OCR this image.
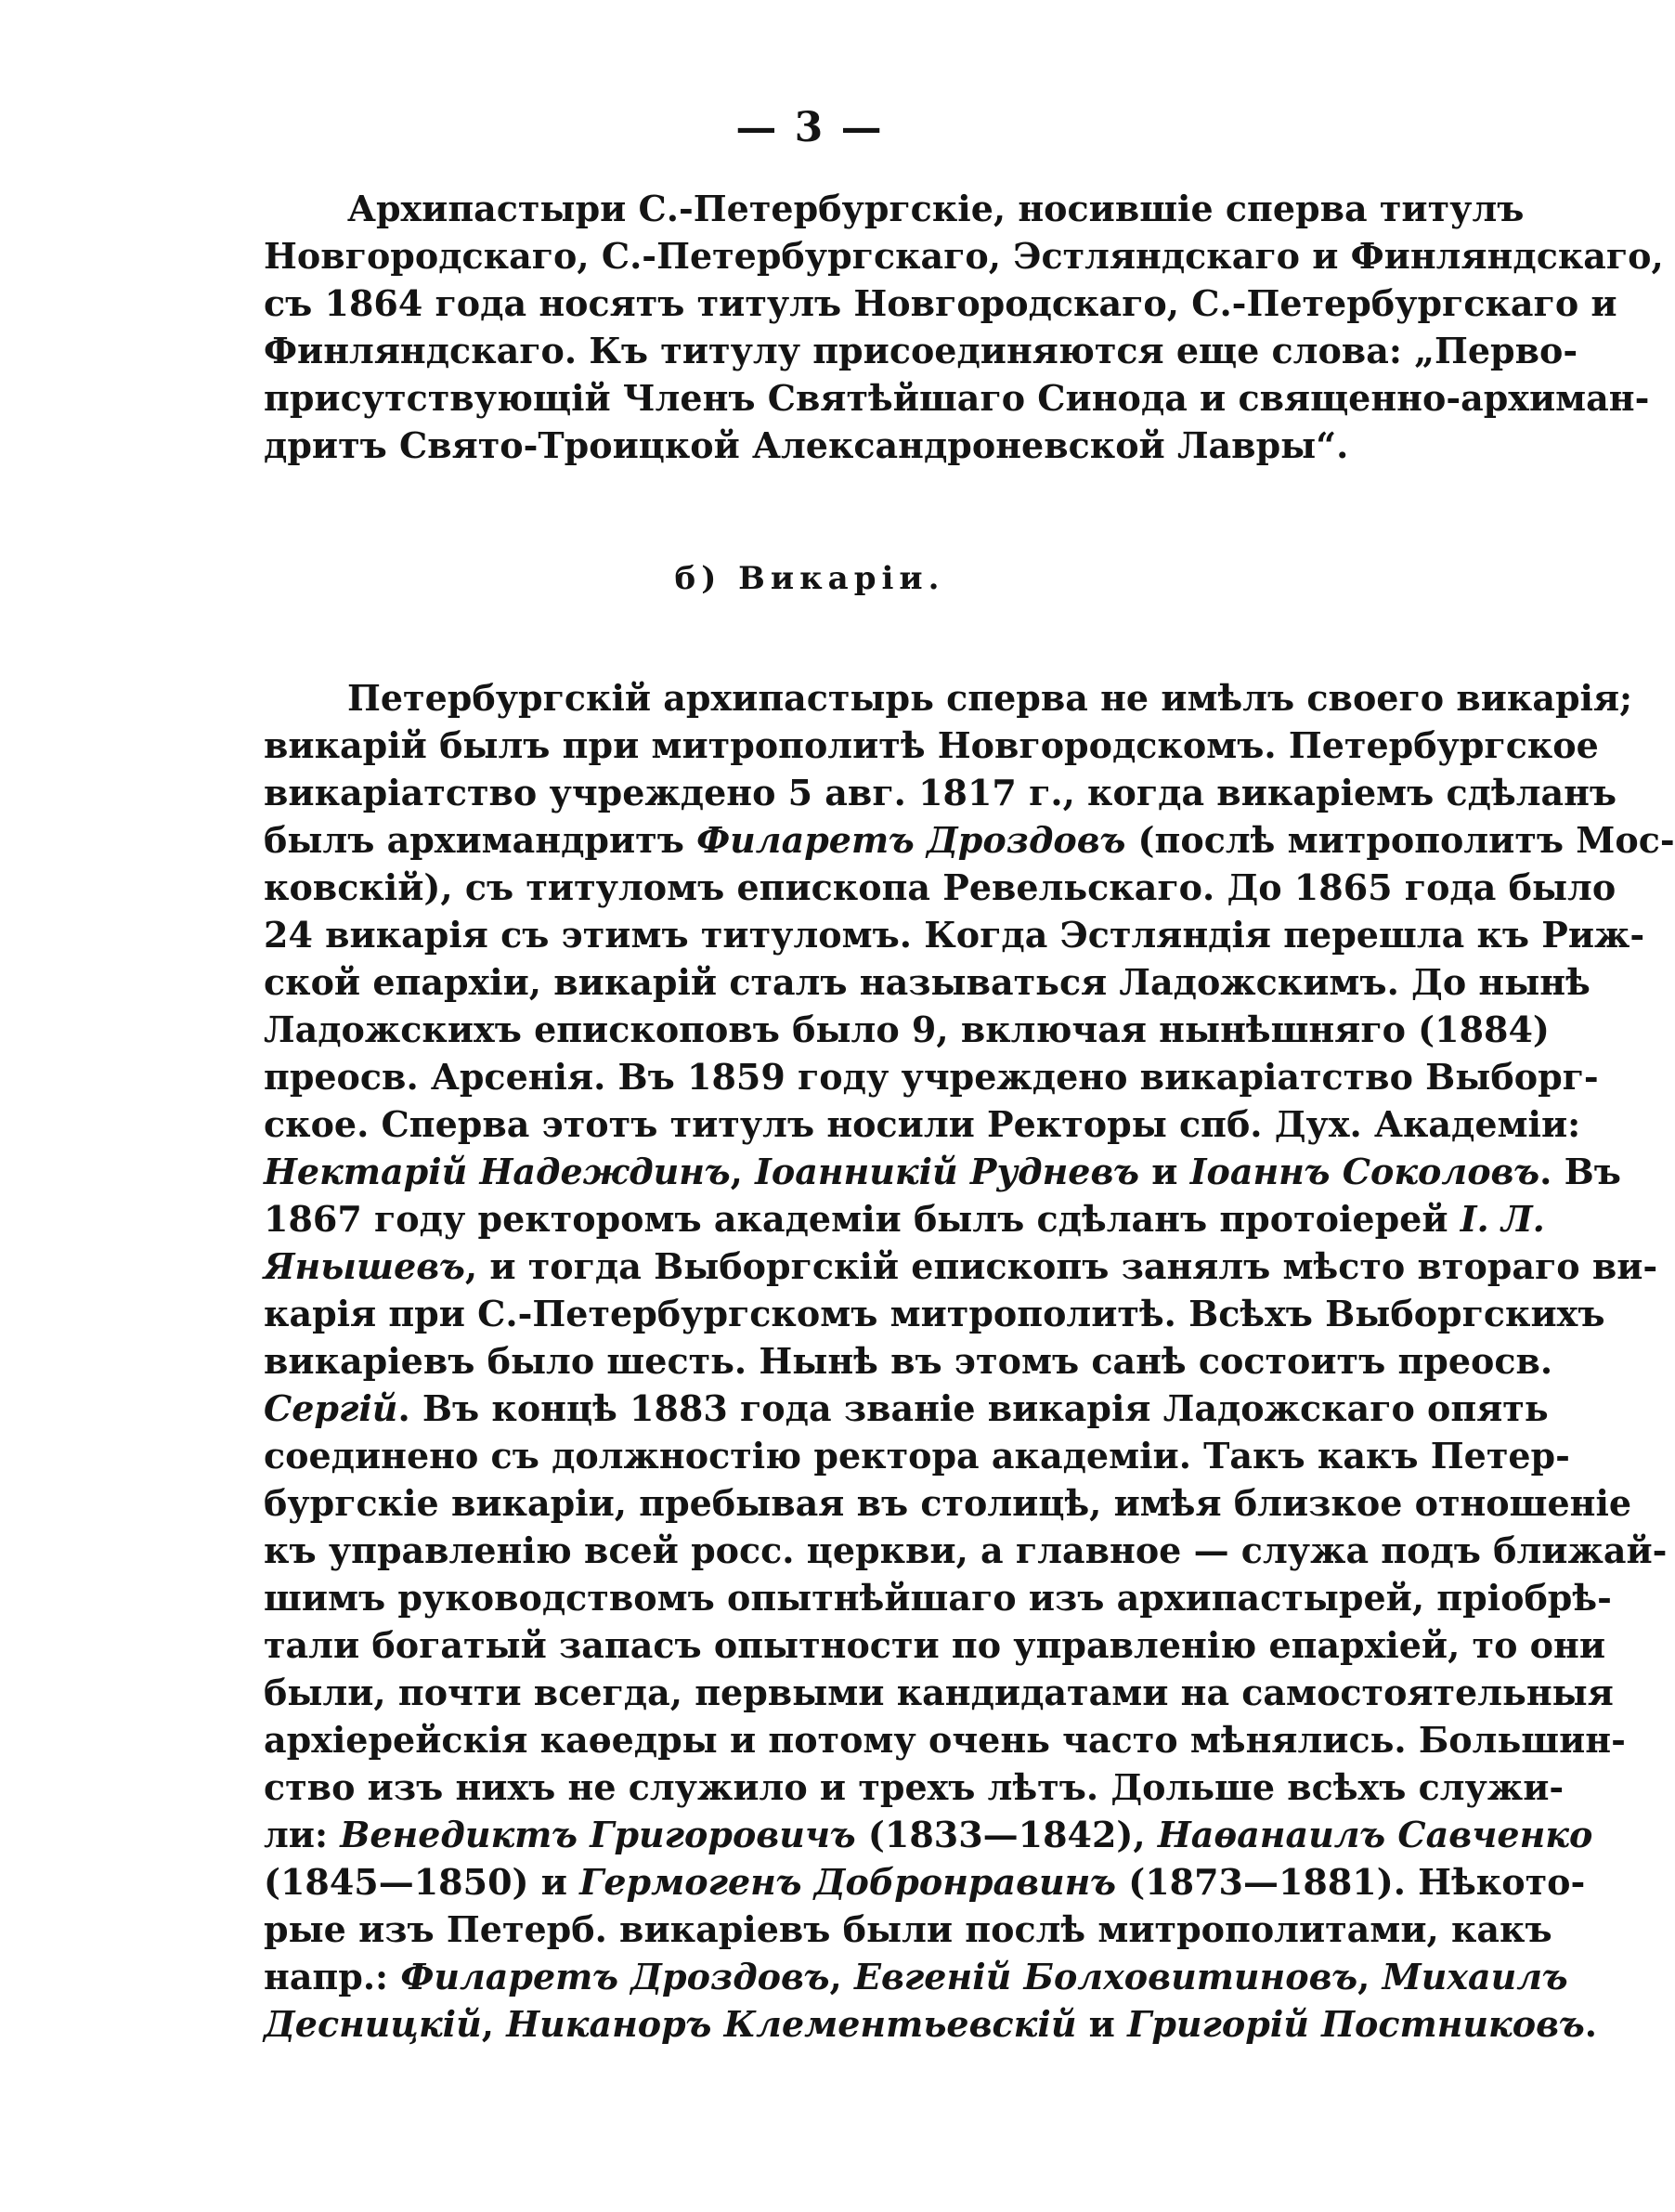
— 3 —
Архипастыри С.-Петербургскіе, носившіе сперва титулъ
Новгородскаго, С.-Петербургскаго, Эстляндскаго и Финляндскаго,
съ 1864 года носятъ титулъ Новгородскаго, С.-Петербургскаго и
Финляндскаго. Къ титулу присоединяются еще слова: „Перво-
присутствующій Членъ Святѣйшаго Синода и священно-архиман-
дритъ Свято-Троицкой Александроневской Лавры“.
б) Викаріи.
Петербургскій архипастырь сперва не имѣлъ своего викарія;
викарій былъ при митрополитѣ Новгородскомъ. Петербургское
викаріатство учреждено 5 авг. 1817 г., когда викаріемъ сдѣланъ
былъ архимандритъ Филаретъ Дроздовъ (послѣ митрополитъ Мос-
ковскій), съ титуломъ епископа Ревельскаго. До 1865 года было
24 викарія съ этимъ титуломъ. Когда Эстляндія перешла къ Риж-
ской епархіи, викарій сталъ называться Ладожскимъ. До нынѣ
Ладожскихъ епископовъ было 9, включая нынѣшняго (1884)
преосв. Арсенія. Въ 1859 году учреждено викаріатство Выборг-
ское. Сперва этотъ титулъ носили Ректоры спб. Дух. Академіи:
Нектарій Надеждинъ, Іоанникій Рудневъ и Іоаннъ Соколовъ. Въ
1867 году ректоромъ академіи былъ сдѣланъ протоіерей І. Л.
Янышевъ, и тогда Выборгскій епископъ занялъ мѣсто втораго ви-
карія при С.-Петербургскомъ митрополитѣ. Всѣхъ Выборгскихъ
викаріевъ было шесть. Нынѣ въ этомъ санѣ состоитъ преосв.
Сергій. Въ концѣ 1883 года званіе викарія Ладожскаго опять
соединено съ должностію ректора академіи. Такъ какъ Петер-
бургскіе викаріи, пребывая въ столицѣ, имѣя близкое отношеніе
къ управленію всей росс. церкви, а главное — служа подъ ближай-
шимъ руководствомъ опытнѣйшаго изъ архипастырей, пріобрѣ-
тали богатый запасъ опытности по управленію епархіей, то они
были, почти всегда, первыми кандидатами на самостоятельныя
архіерейскія каѳедры и потому очень часто мѣнялись. Большин-
ство изъ нихъ не служило и трехъ лѣтъ. Дольше всѣхъ служи-
ли: Венедиктъ Григоровичъ (1833—1842), Наѳанаилъ Савченко
(1845—1850) и Гермогенъ Добронравинъ (1873—1881). Нѣкото-
рые изъ Петерб. викаріевъ были послѣ митрополитами, какъ
напр.: Филаретъ Дроздовъ, Евгеній Болховитиновъ, Михаилъ
Десницкій, Никаноръ Клементьевскій и Григорій Постниковъ.
